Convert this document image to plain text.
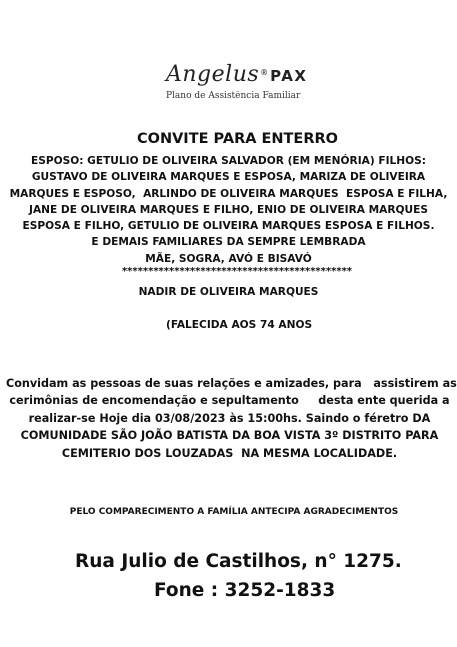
Angelus® PAX
Plano de Assistência Familiar
CONVITE PARA ENTERRO
ESPOSO: GETULIO DE OLIVEIRA SALVADOR (EM MENÓRIA) FILHOS:
GUSTAVO DE OLIVEIRA MARQUES E ESPOSA, MARIZA DE OLIVEIRA
MARQUES E ESPOSO,  ARLINDO DE OLIVEIRA MARQUES  ESPOSA E FILHA,
JANE DE OLIVEIRA MARQUES E FILHO, ENIO DE OLIVEIRA MARQUES
ESPOSA E FILHO, GETULIO DE OLIVEIRA MARQUES ESPOSA E FILHOS.
E DEMAIS FAMILIARES DA SEMPRE LEMBRADA
MÃE, SOGRA, AVÓ E BISAVÓ
********************************************
NADIR DE OLIVEIRA MARQUES
(FALECIDA AOS 74 ANOS
Convidam as pessoas de suas relações e amizades, para   assistirem as
cerimônias de encomendação e sepultamento     desta ente querida a
realizar-se Hoje dia 03/08/2023 às 15:00hs. Saindo o féretro DA
COMUNIDADE SÃO JOÃO BATISTA DA BOA VISTA 3º DISTRITO PARA
CEMITERIO DOS LOUZADAS  NA MESMA LOCALIDADE.
PELO COMPARECIMENTO A FAMÍLIA ANTECIPA AGRADECIMENTOS
Rua Julio de Castilhos, n° 1275.
Fone : 3252-1833
